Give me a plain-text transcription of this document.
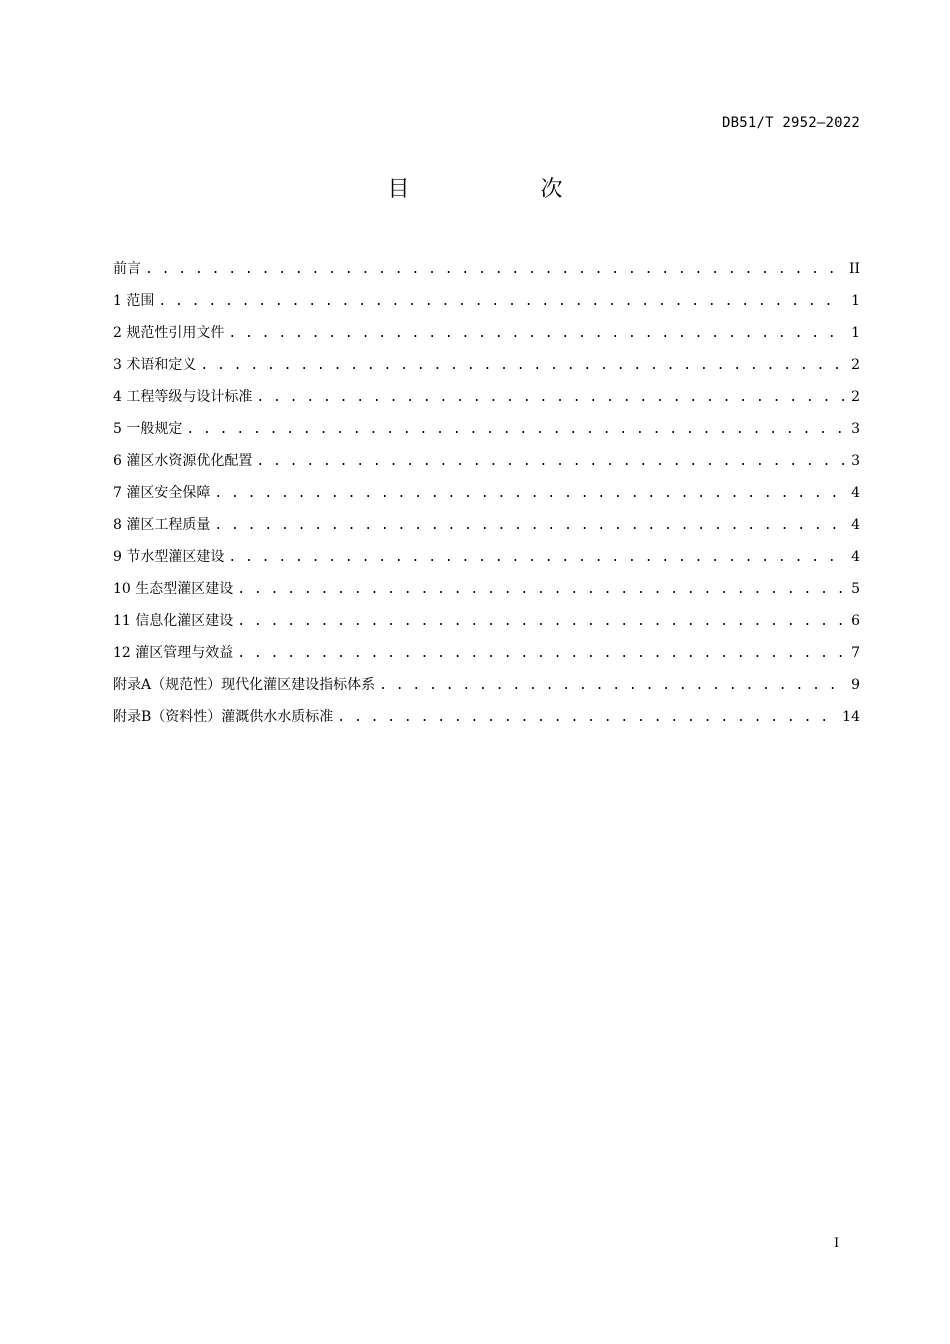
DB51/T 2952—2022
目 次
前言 . . .	II
1 范围 . . .	1
2 规范性引用文件 . . .	1
3 术语和定义 . . .	2
4 工程等级与设计标准 . . .	2
5 一般规定 . . .	3
6 灌区水资源优化配置 . . .	3
7 灌区安全保障 . . .	4
8 灌区工程质量 . . .	4
9 节水型灌区建设 . . .	4
10 生态型灌区建设 . . .	5
11 信息化灌区建设 . . .	6
12 灌区管理与效益 . . .	7
附录A（规范性）现代化灌区建设指标体系 . . .	9
附录B（资料性）灌溉供水水质标准 . . .	14
I
